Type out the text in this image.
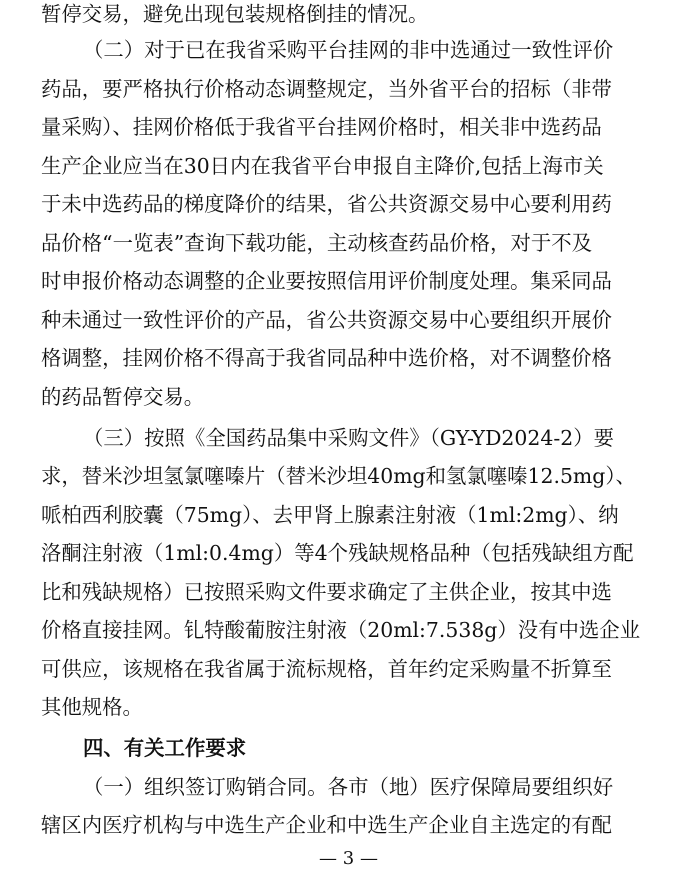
暂停交易，避免出现包装规格倒挂的情况。
（二）对于已在我省采购平台挂网的非中选通过一致性评价
药品，要严格执行价格动态调整规定，当外省平台的招标（非带
量采购）、挂网价格低于我省平台挂网价格时，相关非中选药品
生产企业应当在30日内在我省平台申报自主降价,包括上海市关
于未中选药品的梯度降价的结果，省公共资源交易中心要利用药
品价格“一览表”查询下载功能，主动核查药品价格，对于不及
时申报价格动态调整的企业要按照信用评价制度处理。集采同品
种未通过一致性评价的产品，省公共资源交易中心要组织开展价
格调整，挂网价格不得高于我省同品种中选价格，对不调整价格
的药品暂停交易。
（三）按照《全国药品集中采购文件》（GY-YD2024-2）要
求，替米沙坦氢氯噻嗪片（替米沙坦40mg和氢氯噻嗪12.5mg）、
哌柏西利胶囊（75mg）、去甲肾上腺素注射液（1ml:2mg）、纳
洛酮注射液（1ml:0.4mg）等4个残缺规格品种（包括残缺组方配
比和残缺规格）已按照采购文件要求确定了主供企业，按其中选
价格直接挂网。钆特酸葡胺注射液（20ml:7.538g）没有中选企业
可供应，该规格在我省属于流标规格，首年约定采购量不折算至
其他规格。
四、有关工作要求
（一）组织签订购销合同。各市（地）医疗保障局要组织好
辖区内医疗机构与中选生产企业和中选生产企业自主选定的有配
— 3 —
